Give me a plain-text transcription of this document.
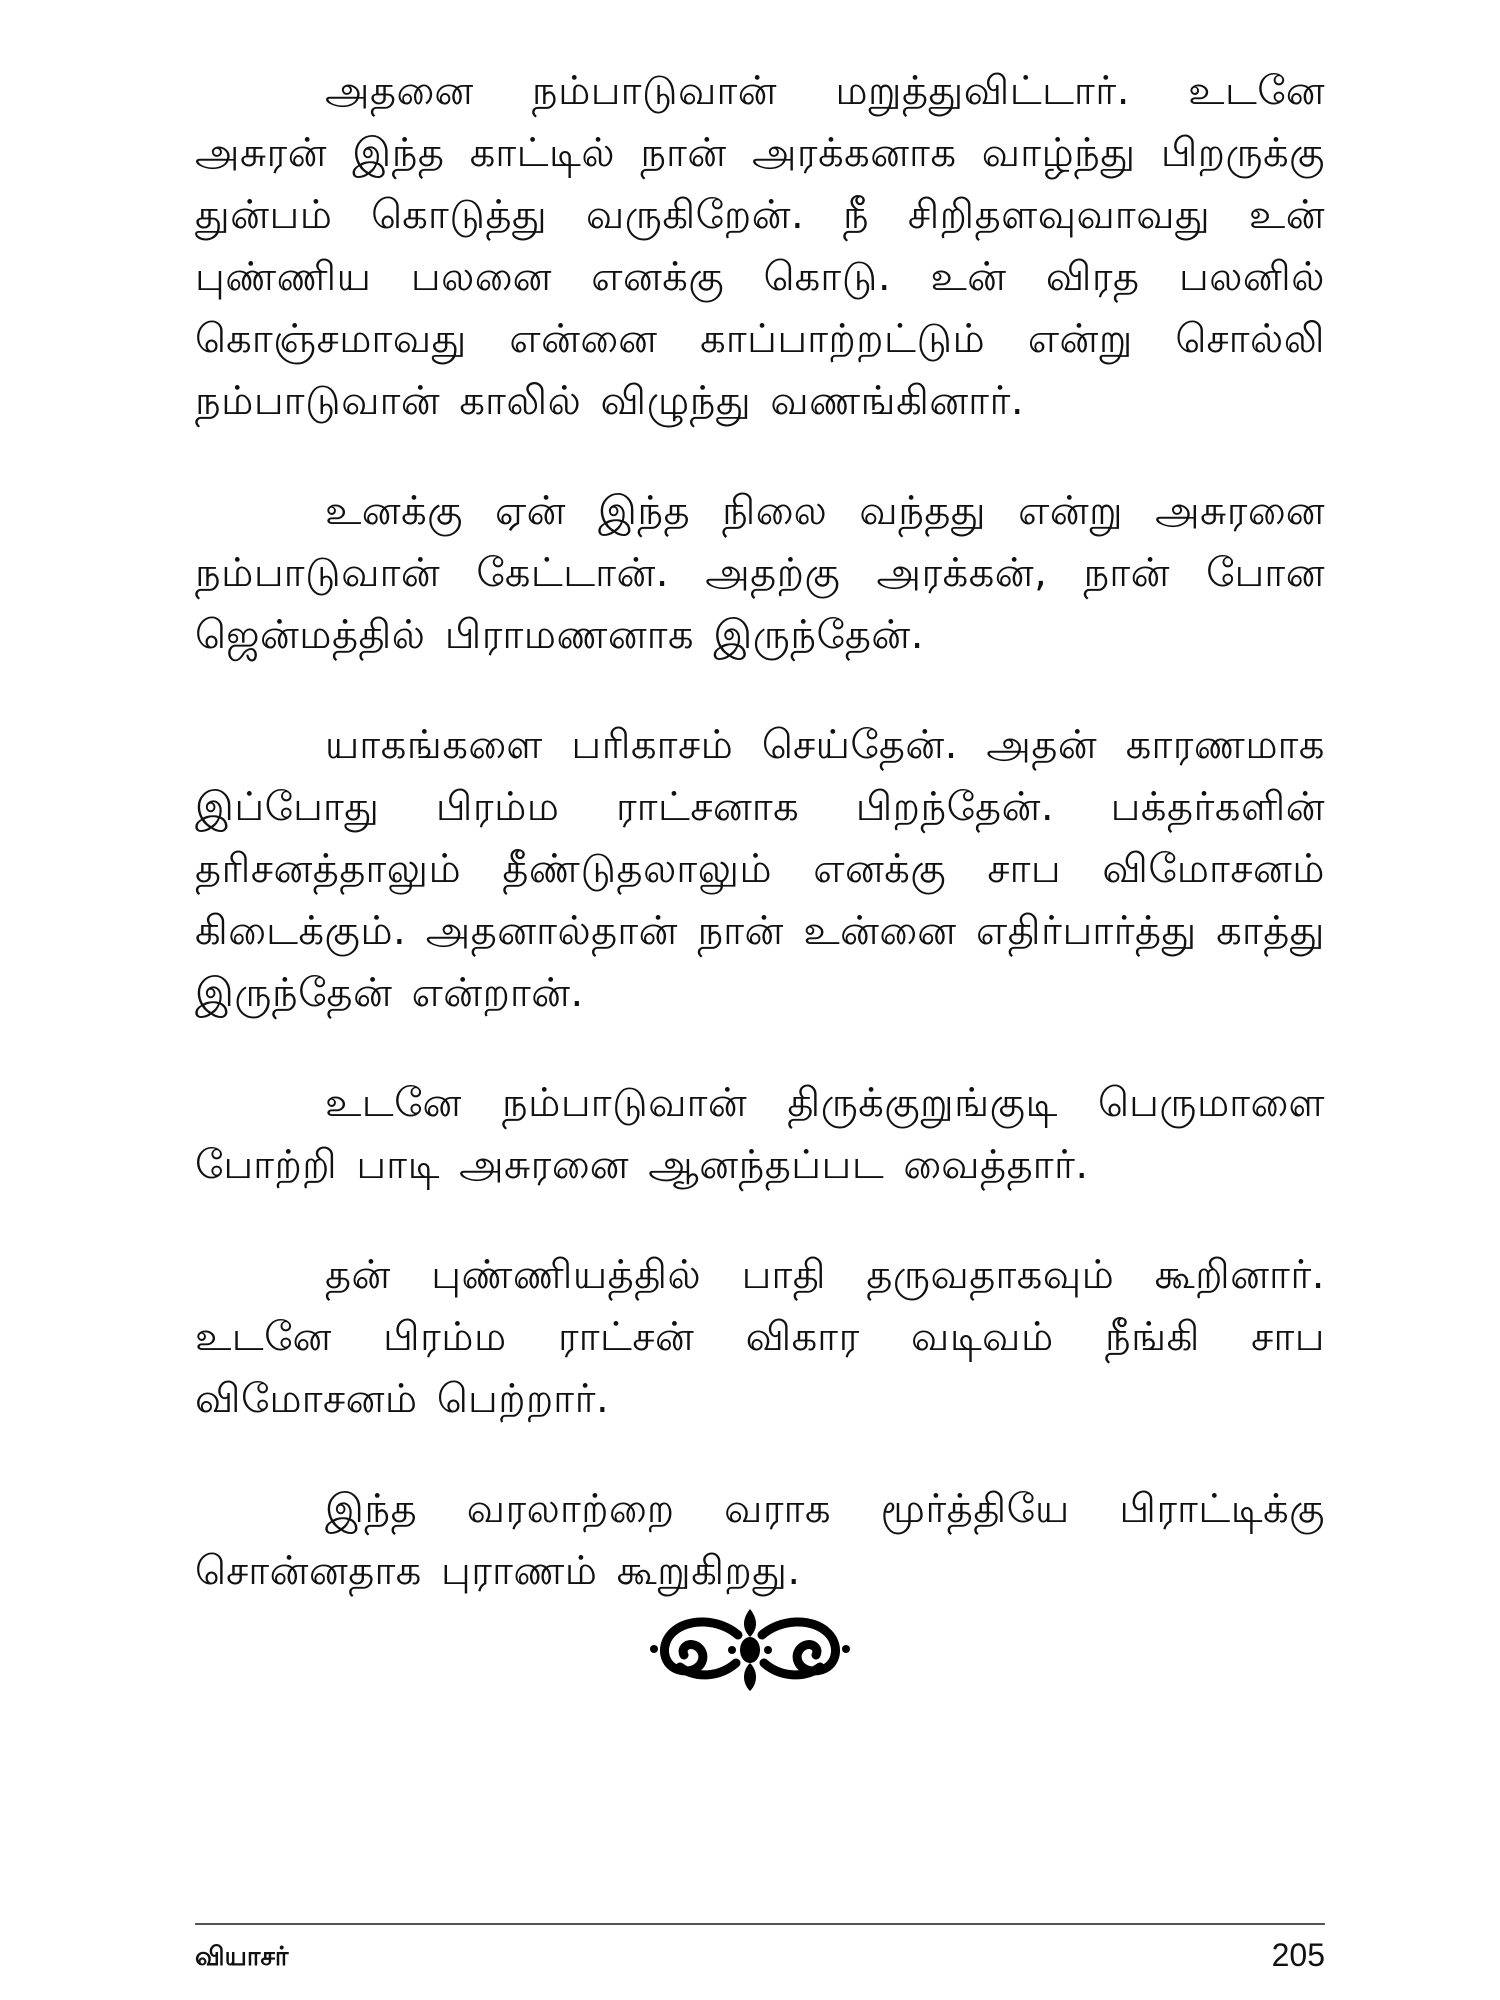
அதனை நம்பாடுவான் மறுத்துவிட்டார். உடனே அசுரன் இந்த காட்டில் நான் அரக்கனாக வாழ்ந்து பிறருக்கு துன்பம் கொடுத்து வருகிறேன். நீ சிறிதளவுவாவது உன் புண்ணிய பலனை எனக்கு கொடு. உன் விரத பலனில் கொஞ்சமாவது என்னை காப்பாற்றட்டும் என்று சொல்லி நம்பாடுவான் காலில் விழுந்து வணங்கினார்.

உனக்கு ஏன் இந்த நிலை வந்தது என்று அசுரனை நம்பாடுவான் கேட்டான். அதற்கு அரக்கன், நான் போன ஜென்மத்தில் பிராமணனாக இருந்தேன்.

யாகங்களை பரிகாசம் செய்தேன். அதன் காரணமாக இப்போது பிரம்ம ராட்சனாக பிறந்தேன். பக்தர்களின் தரிசனத்தாலும் தீண்டுதலாலும் எனக்கு சாப விமோசனம் கிடைக்கும். அதனால்தான் நான் உன்னை எதிர்பார்த்து காத்து இருந்தேன் என்றான்.

உடனே நம்பாடுவான் திருக்குறுங்குடி பெருமாளை போற்றி பாடி அசுரனை ஆனந்தப்பட வைத்தார்.

தன் புண்ணியத்தில் பாதி தருவதாகவும் கூறினார். உடனே பிரம்ம ராட்சன் விகார வடிவம் நீங்கி சாப விமோசனம் பெற்றார்.

இந்த வரலாற்றை வராக மூர்த்தியே பிராட்டிக்கு சொன்னதாக புராணம் கூறுகிறது.

வியாசர்	205
